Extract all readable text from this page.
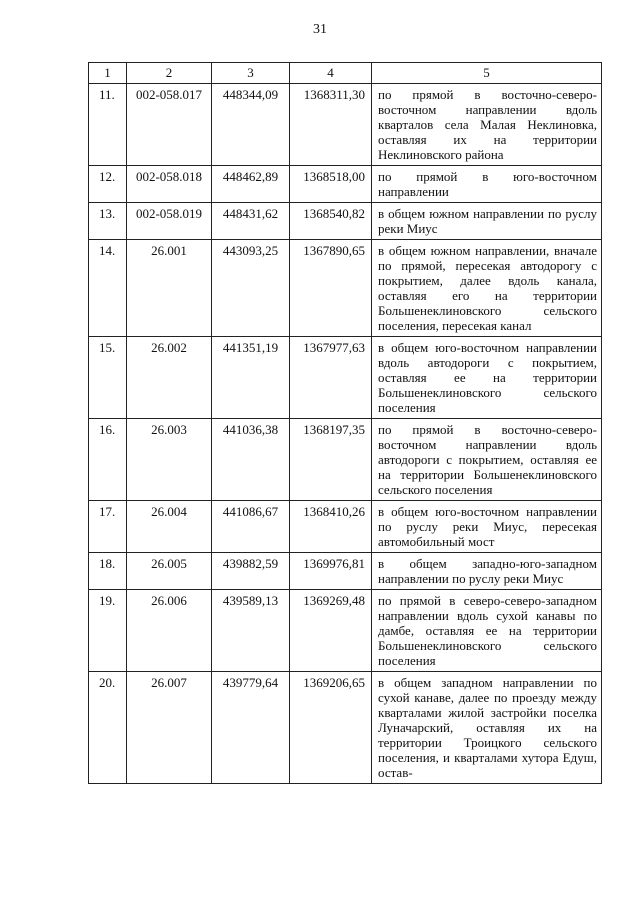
31
1	2	3	4	5
11.	002-058.017	448344,09	1368311,30	по прямой в восточно-северо-восточном направлении вдоль кварталов села Малая Неклиновка, оставляя их на территории Неклиновского района
12.	002-058.018	448462,89	1368518,00	по прямой в юго-восточном направлении
13.	002-058.019	448431,62	1368540,82	в общем южном направлении по руслу реки Миус
14.	26.001	443093,25	1367890,65	в общем южном направлении, вначале по прямой, пересекая автодорогу с покрытием, далее вдоль канала, оставляя его на территории Большенеклиновского сельского поселения, пересекая канал
15.	26.002	441351,19	1367977,63	в общем юго-восточном направлении вдоль автодороги с покрытием, оставляя ее на территории Большенеклиновского сельского поселения
16.	26.003	441036,38	1368197,35	по прямой в восточно-северо-восточном направлении вдоль автодороги с покрытием, оставляя ее на территории Большенеклиновского сельского поселения
17.	26.004	441086,67	1368410,26	в общем юго-восточном направлении по руслу реки Миус, пересекая автомобильный мост
18.	26.005	439882,59	1369976,81	в общем западно-юго-западном направлении по руслу реки Миус
19.	26.006	439589,13	1369269,48	по прямой в северо-северо-западном направлении вдоль сухой канавы по дамбе, оставляя ее на территории Большенеклиновского сельского поселения
20.	26.007	439779,64	1369206,65	в общем западном направлении по сухой канаве, далее по проезду между кварталами жилой застройки поселка Луначарский, оставляя их на территории Троицкого сельского поселения, и кварталами хутора Едуш, остав-
